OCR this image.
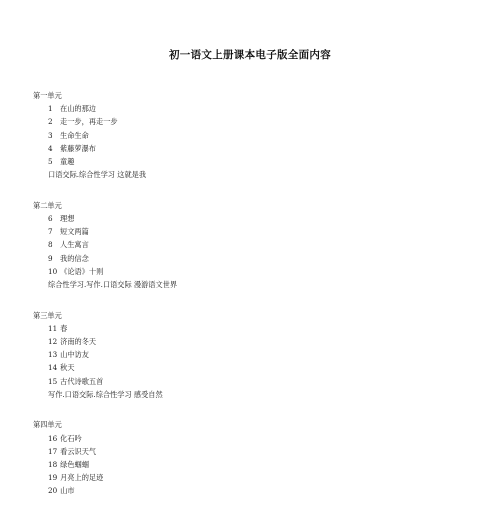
初一语文上册课本电子版全面内容
第一单元
1 在山的那边
2 走一步，再走一步
3 生命生命
4 紫藤萝瀑布
5 童趣
口语交际.综合性学习 这就是我
第二单元
6 理想
7 短文两篇
8 人生寓言
9 我的信念
10 《论语》十则
综合性学习.写作.口语交际 漫游语文世界
第三单元
11 春
12 济南的冬天
13 山中访友
14 秋天
15 古代诗歌五首
写作.口语交际.综合性学习 感受自然
第四单元
16 化石吟
17 看云识天气
18 绿色蝈蝈
19 月亮上的足迹
20 山市
